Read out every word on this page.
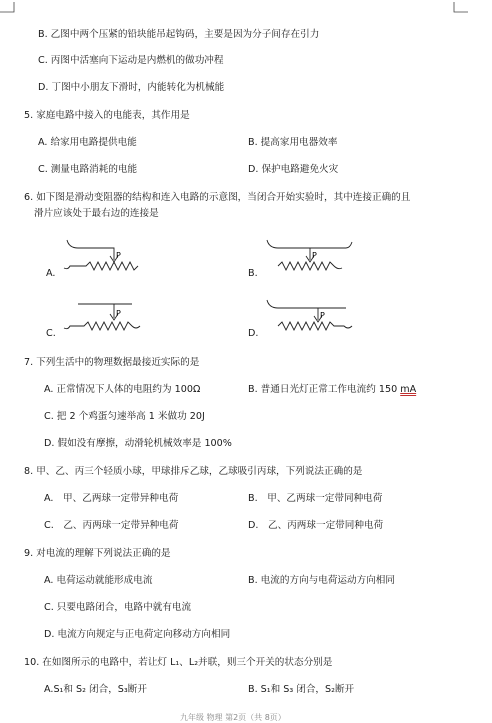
B. 乙图中两个压紧的铅块能吊起钩码，主要是因为分子间存在引力
C. 丙图中活塞向下运动是内燃机的做功冲程
D. 丁图中小朋友下滑时，内能转化为机械能
5. 家庭电路中接入的电能表，其作用是
A. 给家用电路提供电能	B. 提高家用电器效率
C. 测量电路消耗的电能	D. 保护电路避免火灾
6. 如下图是滑动变阻器的结构和连入电路的示意图，当闭合开始实验时，其中连接正确的且
滑片应该处于最右边的连接是
A.
P
B.
P
C.
P
D.
P
7. 下列生活中的物理数据最接近实际的是
A. 正常情况下人体的电阻约为 100Ω	B. 普通日光灯正常工作电流约 150 mA
C. 把 2 个鸡蛋匀速举高 1 米做功 20J
D. 假如没有摩擦，动滑轮机械效率是 100%
8. 甲、乙、丙三个轻质小球，甲球排斥乙球，乙球吸引丙球，下列说法正确的是
A.　甲、乙两球一定带异种电荷	B.　甲、乙两球一定带同种电荷
C.　乙、丙两球一定带异种电荷	D.　乙、丙两球一定带同种电荷
9. 对电流的理解下列说法正确的是
A. 电荷运动就能形成电流	B. 电流的方向与电荷运动方向相同
C. 只要电路闭合，电路中就有电流
D. 电流方向规定与正电荷定向移动方向相同
10. 在如图所示的电路中，若让灯 L₁、L₂并联，则三个开关的状态分别是
A.S₁和 S₂ 闭合，S₃断开	B. S₁和 S₃ 闭合，S₂断开
九年级 物理 第2页（共 8页）
